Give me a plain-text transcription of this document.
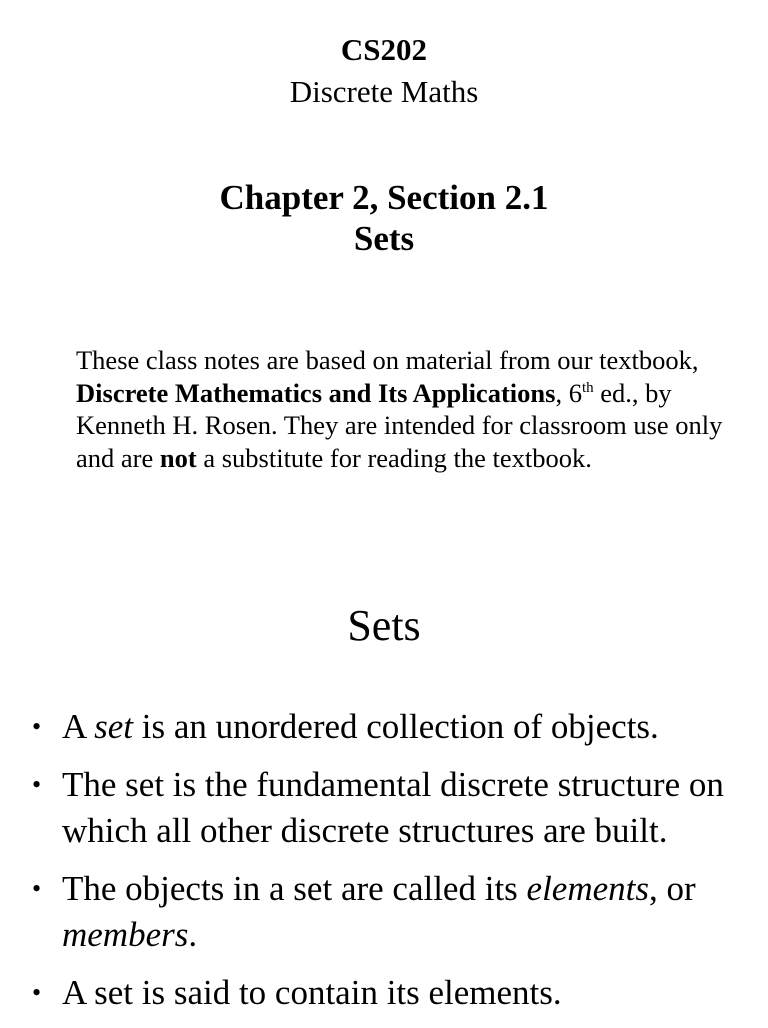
CS202
Discrete Maths
Chapter 2, Section 2.1
Sets
These class notes are based on material from our textbook, Discrete Mathematics and Its Applications, 6th ed., by Kenneth H. Rosen. They are intended for classroom use only and are not a substitute for reading the textbook.
Sets
• A set is an unordered collection of objects.
• The set is the fundamental discrete structure on which all other discrete structures are built.
• The objects in a set are called its elements, or members.
• A set is said to contain its elements.
